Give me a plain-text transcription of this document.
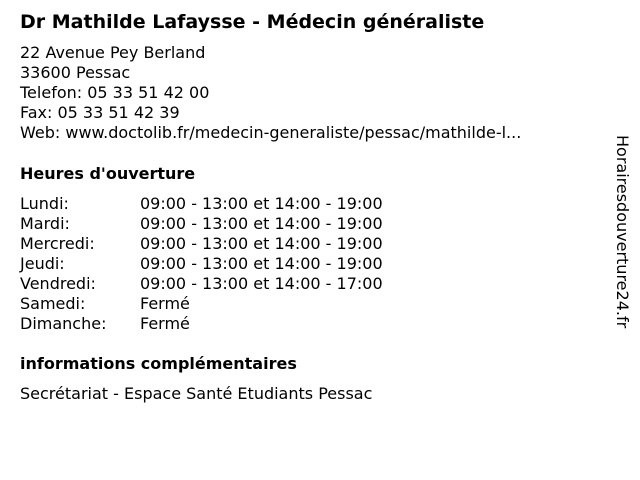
Dr Mathilde Lafaysse - Médecin généraliste
22 Avenue Pey Berland
33600 Pessac
Telefon: 05 33 51 42 00
Fax: 05 33 51 42 39
Web: www.doctolib.fr/medecin-generaliste/pessac/mathilde-l...
Heures d'ouverture
Lundi:	09:00 - 13:00 et 14:00 - 19:00
Mardi:	09:00 - 13:00 et 14:00 - 19:00
Mercredi:	09:00 - 13:00 et 14:00 - 19:00
Jeudi:	09:00 - 13:00 et 14:00 - 19:00
Vendredi:	09:00 - 13:00 et 14:00 - 17:00
Samedi:	Fermé
Dimanche: Fermé
informations complémentaires
Secrétariat - Espace Santé Etudiants Pessac
Horairesdouverture24.fr
